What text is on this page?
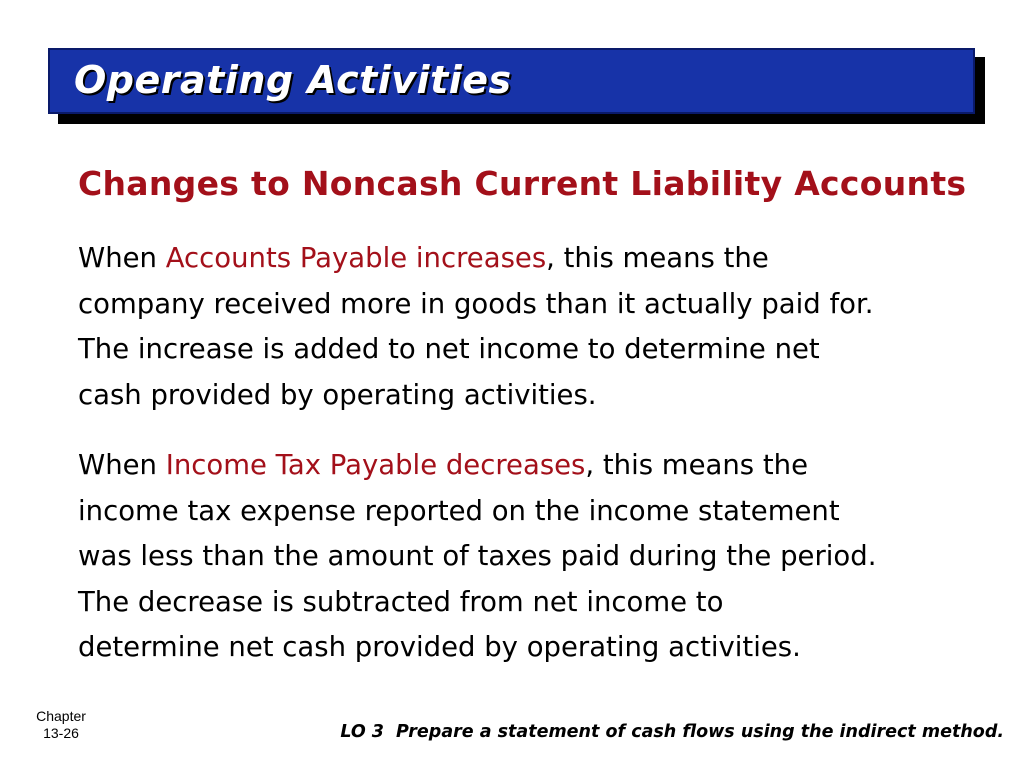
Operating Activities
Changes to Noncash Current Liability Accounts
When Accounts Payable increases, this means the
company received more in goods than it actually paid for.
The increase is added to net income to determine net
cash provided by operating activities.
When Income Tax Payable decreases, this means the
income tax expense reported on the income statement
was less than the amount of taxes paid during the period.
The decrease is subtracted from net income to
determine net cash provided by operating activities.
Chapter
13-26	LO 3 Prepare a statement of cash flows using the indirect method.
